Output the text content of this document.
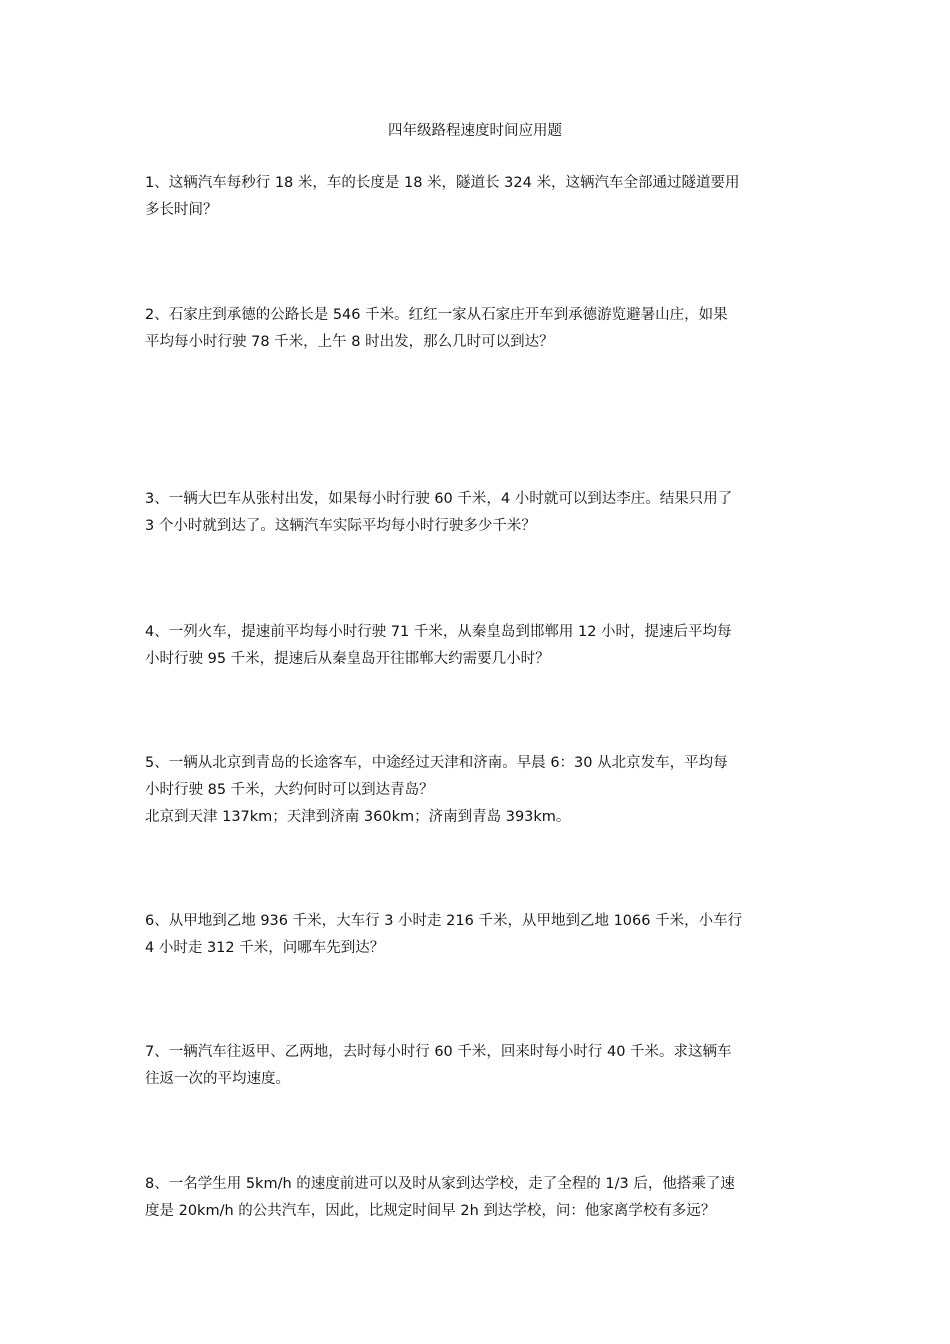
四年级路程速度时间应用题
1、这辆汽车每秒行 18 米，车的长度是 18 米，隧道长 324 米，这辆汽车全部通过隧道要用
多长时间？
2、石家庄到承德的公路长是 546 千米。红红一家从石家庄开车到承德游览避暑山庄，如果
平均每小时行驶 78 千米，上午 8 时出发，那么几时可以到达？
3、一辆大巴车从张村出发，如果每小时行驶 60 千米，4 小时就可以到达李庄。结果只用了
3 个小时就到达了。这辆汽车实际平均每小时行驶多少千米？
4、一列火车，提速前平均每小时行驶 71 千米，从秦皇岛到邯郸用 12 小时，提速后平均每
小时行驶 95 千米，提速后从秦皇岛开往邯郸大约需要几小时？
5、一辆从北京到青岛的长途客车，中途经过天津和济南。早晨 6：30 从北京发车，平均每
小时行驶 85 千米，大约何时可以到达青岛？
北京到天津 137km；天津到济南 360km；济南到青岛 393km。
6、从甲地到乙地 936 千米，大车行 3 小时走 216 千米，从甲地到乙地 1066 千米，小车行
4 小时走 312 千米，问哪车先到达？
7、一辆汽车往返甲、乙两地，去时每小时行 60 千米，回来时每小时行 40 千米。求这辆车
往返一次的平均速度。
8、一名学生用 5km/h 的速度前进可以及时从家到达学校，走了全程的 1/3 后，他搭乘了速
度是 20km/h 的公共汽车，因此，比规定时间早 2h 到达学校，问：他家离学校有多远？
